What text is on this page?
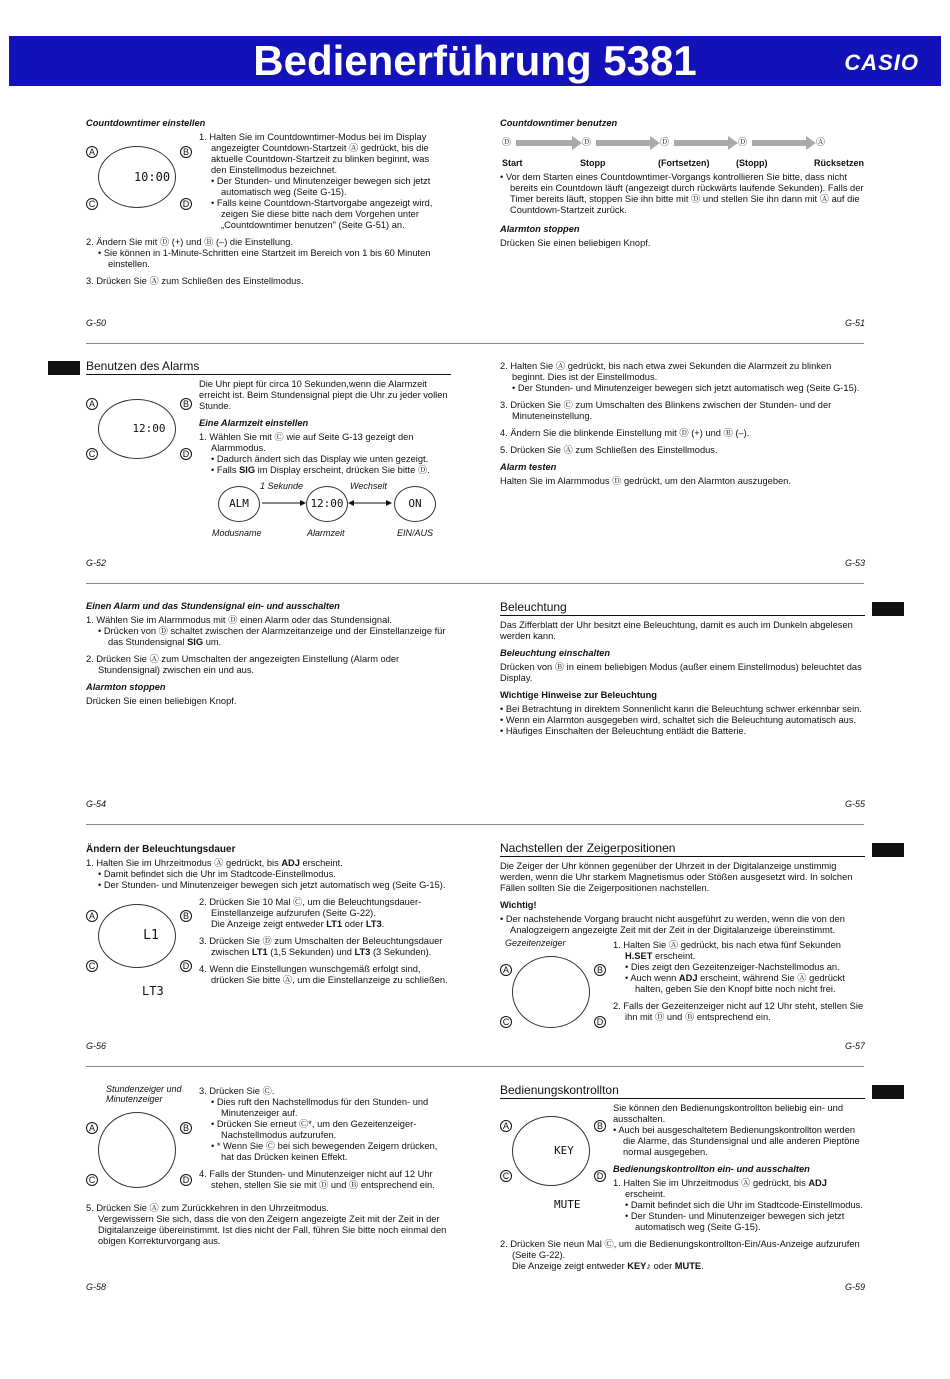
Bedienerführung 5381	CASIO
Countdowntimer einstellen
1. Halten Sie im Countdowntimer-Modus bei im Display angezeigter Countdown-Startzeit Ⓐ gedrückt, bis die aktuelle Countdown-Startzeit zu blinken beginnt, was den Einstellmodus bezeichnet.
• Der Stunden- und Minutenzeiger bewegen sich jetzt automatisch weg (Seite G-15).
• Falls keine Countdown-Startvorgabe angezeigt wird, zeigen Sie diese bitte nach dem Vorgehen unter „Countdowntimer benutzen" (Seite G-51) an.
2. Ändern Sie mit Ⓓ (+) und Ⓑ (–) die Einstellung.
• Sie können in 1-Minute-Schritten eine Startzeit im Bereich von 1 bis 60 Minuten einstellen.
3. Drücken Sie Ⓐ zum Schließen des Einstellmodus.
10:00
A	B
C	D
G-50
Countdowntimer benutzen
Ⓓ	Ⓓ	Ⓓ	Ⓓ	Ⓐ
Start	Stopp	(Fortsetzen)	(Stopp)	Rücksetzen
• Vor dem Starten eines Countdowntimer-Vorgangs kontrollieren Sie bitte, dass nicht bereits ein Countdown läuft (angezeigt durch rückwärts laufende Sekunden). Falls der Timer bereits läuft, stoppen Sie ihn bitte mit Ⓓ und stellen Sie ihn dann mit Ⓐ auf die Countdown-Startzeit zurück.
Alarmton stoppen

Drücken Sie einen beliebigen Knopf.

G-51
Benutzen des Alarms

Die Uhr piept für circa 10 Sekunden,wenn die Alarmzeit erreicht ist. Beim Stundensignal piept die Uhr zu jeder vollen Stunde.

Eine Alarmzeit einstellen
1. Wählen Sie mit Ⓒ wie auf Seite G-13 gezeigt den Alarmmodus.
• Dadurch ändert sich das Display wie unten gezeigt.
• Falls SIG im Display erscheint, drücken Sie bitte Ⓓ.
12:00
A	B
C	D
ALM	12:00	ON
1 Sekunde	Wechselt
Modusname	Alarmzeit	EIN/AUS
G-52
2. Halten Sie Ⓐ gedrückt, bis nach etwa zwei Sekunden die Alarmzeit zu blinken beginnt. Dies ist der Einstellmodus.
• Der Stunden- und Minutenzeiger bewegen sich jetzt automatisch weg (Seite G-15).
3. Drücken Sie Ⓒ zum Umschalten des Blinkens zwischen der Stunden- und der Minuteneinstellung.
4. Ändern Sie die blinkende Einstellung mit Ⓓ (+) und Ⓑ (–).
5. Drücken Sie Ⓐ zum Schließen des Einstellmodus.
Alarm testen

Halten Sie im Alarmmodus Ⓓ gedrückt, um den Alarmton auszugeben.

G-53
Einen Alarm und das Stundensignal ein- und ausschalten
1. Wählen Sie im Alarmmodus mit Ⓓ einen Alarm oder das Stundensignal.
• Drücken von Ⓓ schaltet zwischen der Alarmzeitanzeige und der Einstellanzeige für das Stundensignal SIG um.
2. Drücken Sie Ⓐ zum Umschalten der angezeigten Einstellung (Alarm oder Stundensignal) zwischen ein und aus.
Alarmton stoppen

Drücken Sie einen beliebigen Knopf.

G-54
Beleuchtung

Das Zifferblatt der Uhr besitzt eine Beleuchtung, damit es auch im Dunkeln abgelesen werden kann.

Beleuchtung einschalten

Drücken von Ⓑ in einem beliebigen Modus (außer einem Einstellmodus) beleuchtet das Display.

Wichtige Hinweise zur Beleuchtung
• Bei Betrachtung in direktem Sonnenlicht kann die Beleuchtung schwer erkennbar sein.
• Wenn ein Alarmton ausgegeben wird, schaltet sich die Beleuchtung automatisch aus.
• Häufiges Einschalten der Beleuchtung entlädt die Batterie.
G-55
Ändern der Beleuchtungsdauer
1. Halten Sie im Uhrzeitmodus Ⓐ gedrückt, bis ADJ erscheint.
• Damit befindet sich die Uhr im Stadtcode-Einstellmodus.
• Der Stunden- und Minutenzeiger bewegen sich jetzt automatisch weg (Seite G-15).
2. Drücken Sie 10 Mal Ⓒ, um die Beleuchtungsdauer-Einstellanzeige aufzurufen (Seite G-22).
Die Anzeige zeigt entweder LT1 oder LT3.
3. Drücken Sie Ⓓ zum Umschalten der Beleuchtungsdauer zwischen LT1 (1,5 Sekunden) und LT3 (3 Sekunden).
4. Wenn die Einstellungen wunschgemäß erfolgt sind, drücken Sie bitte Ⓐ, um die Einstellanzeige zu schließen.
L1
LT3
A	B
C	D
G-56
Nachstellen der Zeigerpositionen

Die Zeiger der Uhr können gegenüber der Uhrzeit in der Digitalanzeige unstimmig werden, wenn die Uhr starkem Magnetismus oder Stößen ausgesetzt wird. In solchen Fällen sollten Sie die Zeigerpositionen nachstellen.

Wichtig!
• Der nachstehende Vorgang braucht nicht ausgeführt zu werden, wenn die von den Analogzeigern angezeigte Zeit mit der Zeit in der Digitalanzeige übereinstimmt.
1. Halten Sie Ⓐ gedrückt, bis nach etwa fünf Sekunden H.SET erscheint.
• Dies zeigt den Gezeitenzeiger-Nachstellmodus an.
• Auch wenn ADJ erscheint, während Sie Ⓐ gedrückt halten, geben Sie den Knopf bitte noch nicht frei.
2. Falls der Gezeitenzeiger nicht auf 12 Uhr steht, stellen Sie ihn mit Ⓓ und Ⓑ entsprechend ein.
Gezeitenzeiger
A	B
C	D
G-57
Stundenzeiger und Minutenzeiger
A	B
C	D
3. Drücken Sie Ⓒ.
• Dies ruft den Nachstellmodus für den Stunden- und Minutenzeiger auf.
• Drücken Sie erneut Ⓒ*, um den Gezeitenzeiger-Nachstellmodus aufzurufen.
• * Wenn Sie Ⓒ bei sich bewegenden Zeigern drücken, hat das Drücken keinen Effekt.
4. Falls der Stunden- und Minutenzeiger nicht auf 12 Uhr stehen, stellen Sie sie mit Ⓓ und Ⓑ entsprechend ein.
5. Drücken Sie Ⓐ zum Zurückkehren in den Uhrzeitmodus.
Vergewissern Sie sich, dass die von den Zeigern angezeigte Zeit mit der Zeit in der Digitalanzeige übereinstimmt. Ist dies nicht der Fall, führen Sie bitte noch einmal den obigen Korrekturvorgang aus.
G-58
Bedienungskontrollton

Sie können den Bedienungskontrollton beliebig ein- und ausschalten.

• Auch bei ausgeschaltetem Bedienungskontrollton werden die Alarme, das Stundensignal und alle anderen Pieptöne normal ausgegeben.
Bedienungskontrollton ein- und ausschalten
1. Halten Sie im Uhrzeitmodus Ⓐ gedrückt, bis ADJ erscheint.
• Damit befindet sich die Uhr im Stadtcode-Einstellmodus.
• Der Stunden- und Minutenzeiger bewegen sich jetzt automatisch weg (Seite G-15).
2. Drücken Sie neun Mal Ⓒ, um die Bedienungskontrollton-Ein/Aus-Anzeige aufzurufen (Seite G-22).
Die Anzeige zeigt entweder KEY♪ oder MUTE.
KEY
MUTE
A	B
C	D
G-59
